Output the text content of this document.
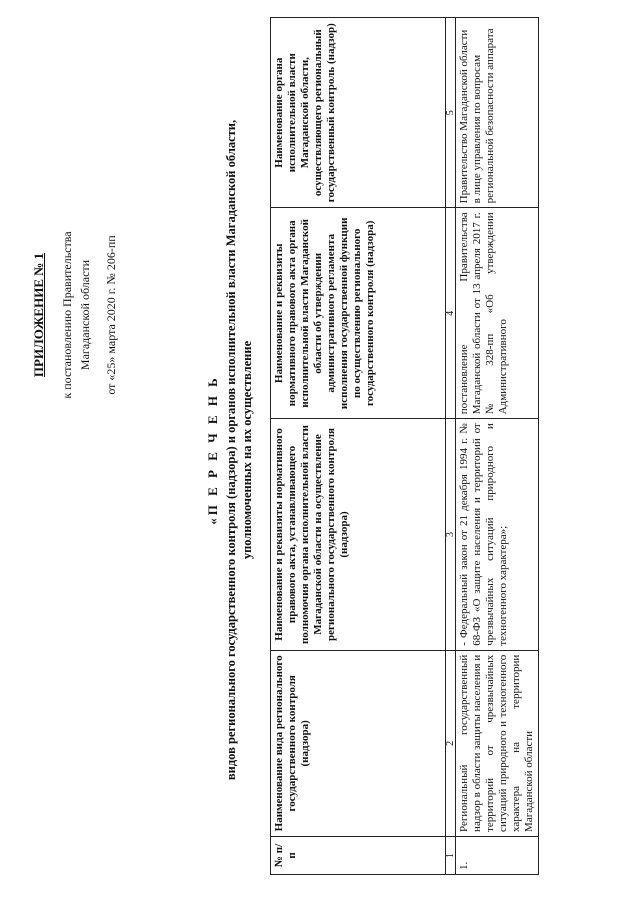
ПРИЛОЖЕНИЕ № 1 к постановлению Правительства Магаданской области от «25» марта 2020 г. № 206-пп
«П Е Р Е Ч Е Н Ь видов регионального государственного контроля (надзора) и органов исполнительной власти Магаданской области, уполномоченных на их осуществление
№ п/п	Наименование вида регионального государственного контроля (надзора)	Наименование и реквизиты нормативного правового акта, устанавливающего полномочия органа исполнительной власти Магаданской области на осуществление регионального государственного контроля (надзора)	Наименование и реквизиты нормативного правового акта органа исполнительной власти Магаданской области об утверждении административного регламента исполнения государственной функции по осуществлению регионального государственного контроля (надзора)	Наименование органа исполнительной власти Магаданской области, осуществляющего региональный государственный контроль (надзор)
1	2	3	4	5
1.	Региональный государственный надзор в области защиты населения и территорий от чрезвычайных ситуаций природного и техногенного характера на территории Магаданской области	- Федеральный закон от 21 декабря 1994 г. № 68-ФЗ «О защите населения и территорий от чрезвычайных ситуаций природного и техногенного характера»;	постановление Правительства Магаданской области от 13 апреля 2017 г. № 328-пп «Об утверждении Административного	Правительство Магаданской области в лице управления по вопросам региональной безопасности аппарата
